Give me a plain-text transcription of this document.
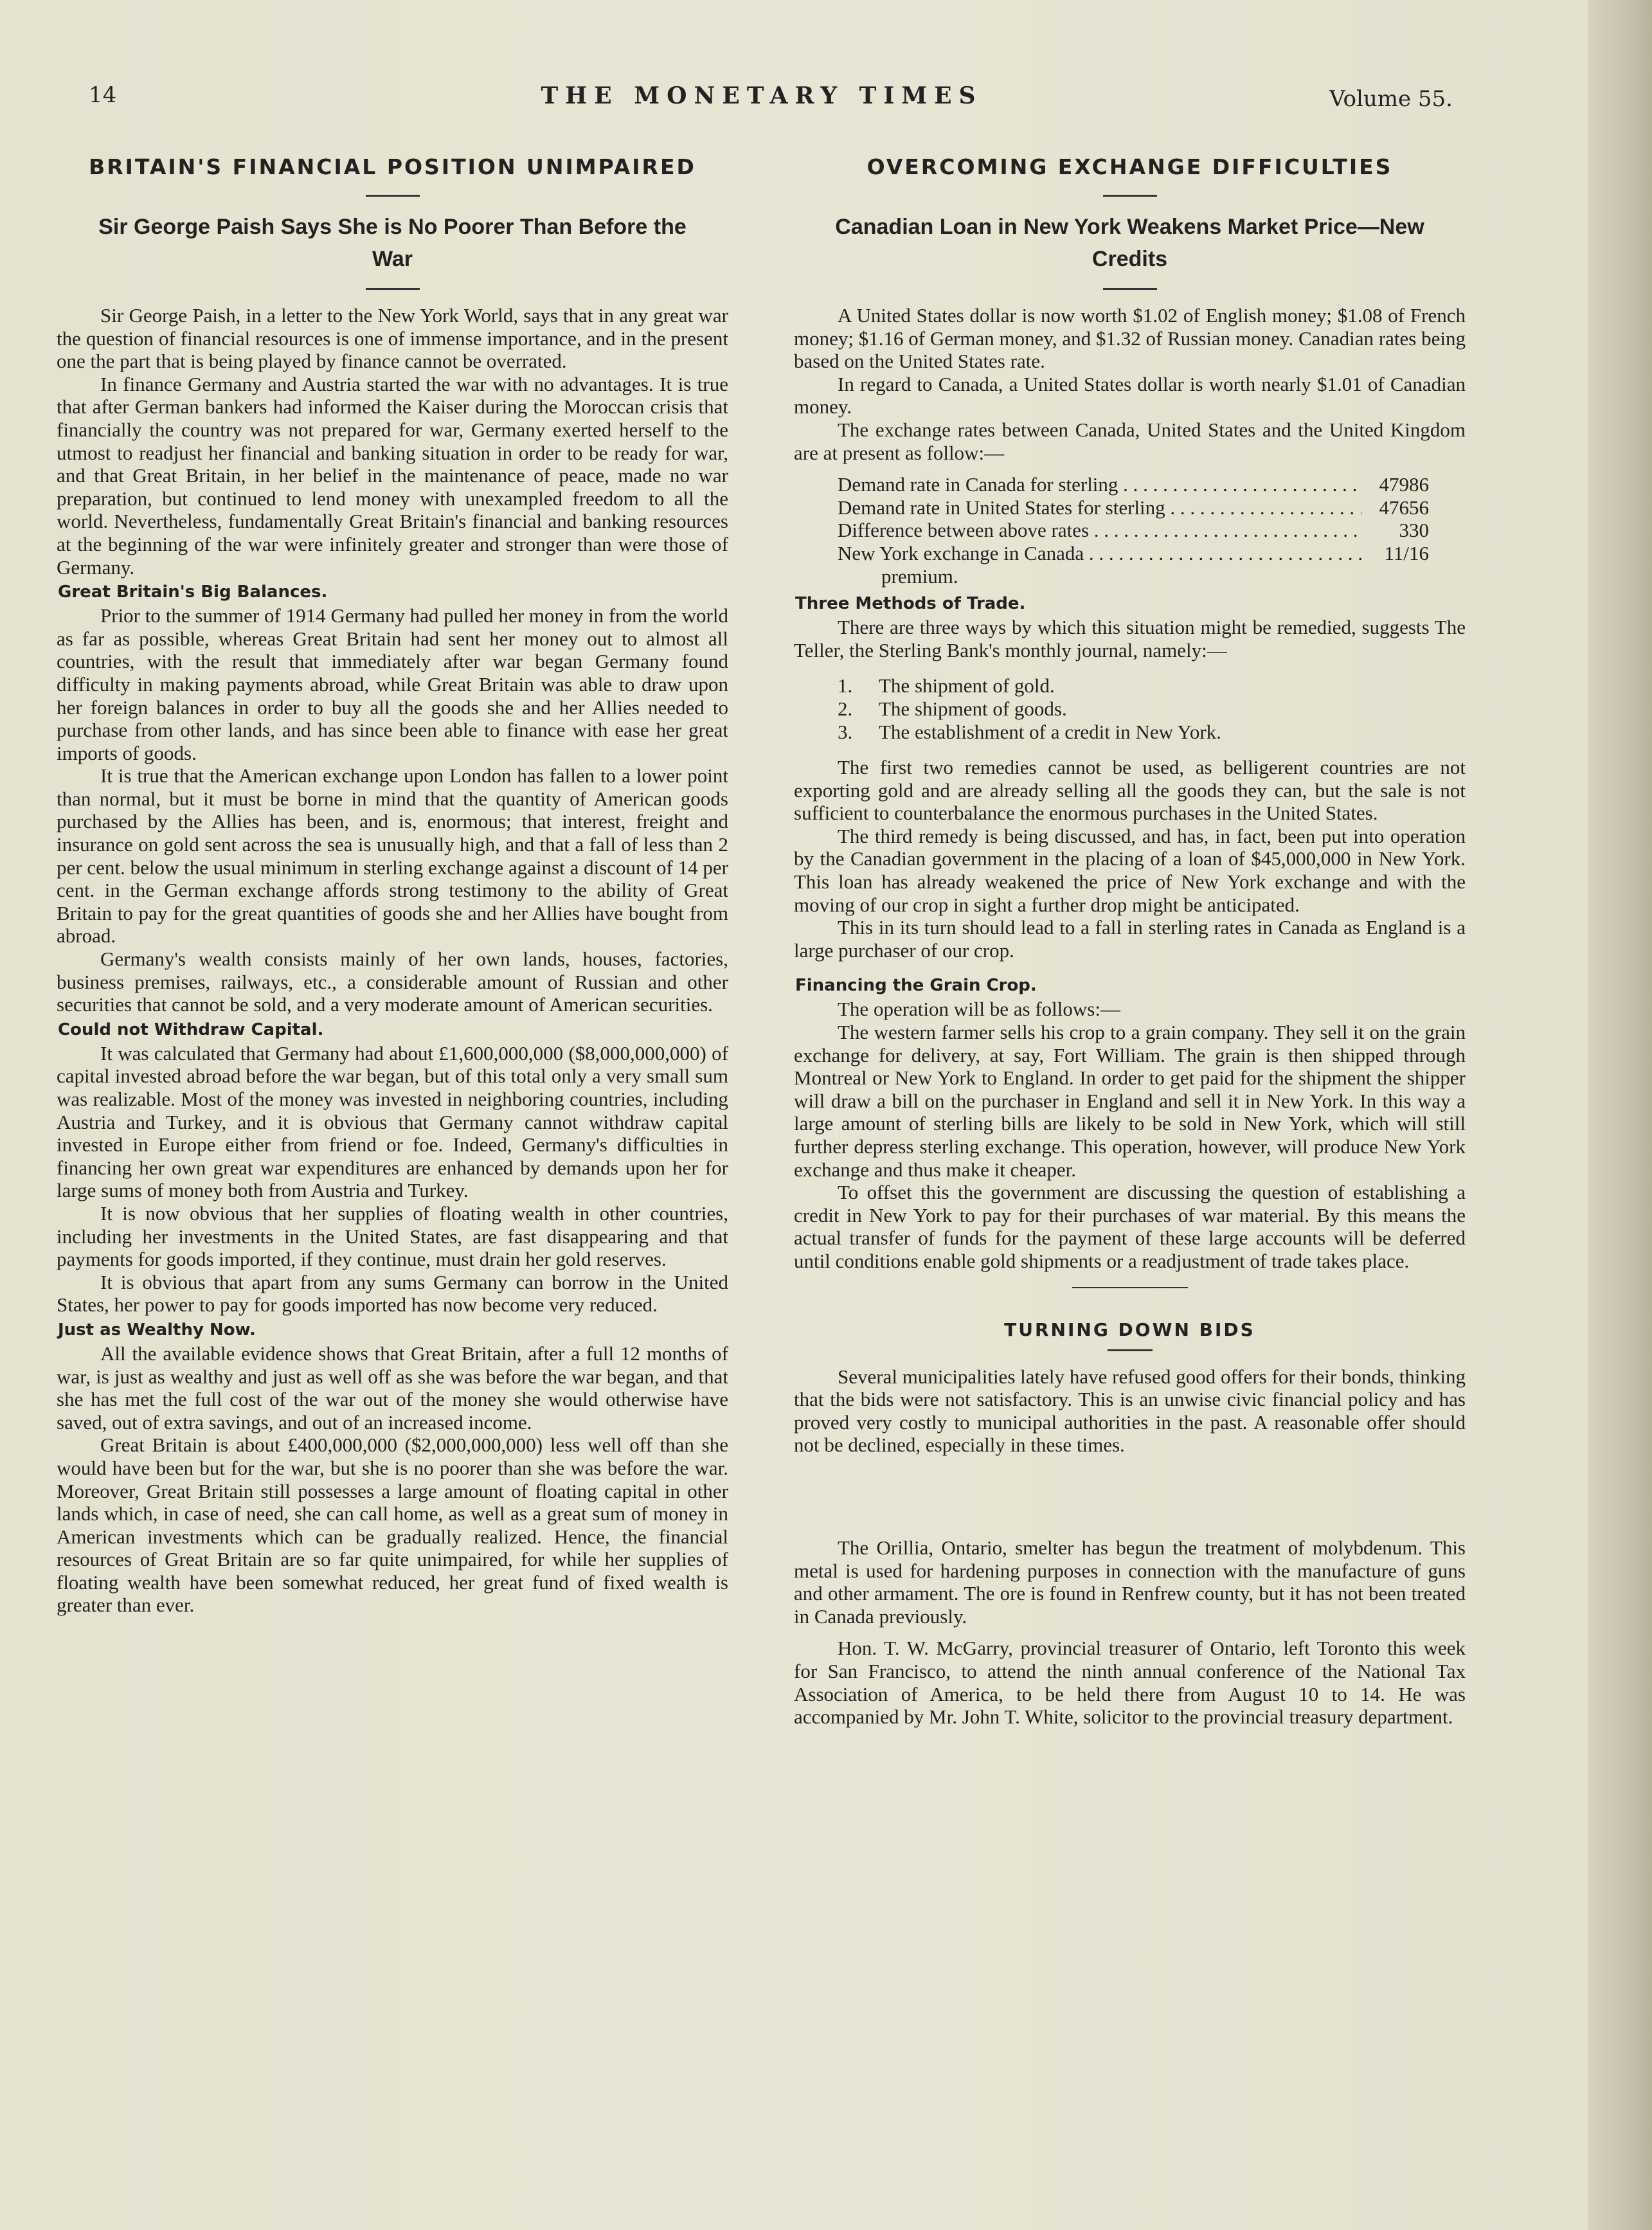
14	THE MONETARY TIMES	Volume 55.
BRITAIN'S FINANCIAL POSITION UNIMPAIRED
Sir George Paish Says She is No Poorer Than Before the War

Sir George Paish, in a letter to the New York World, says that in any great war the question of financial resources is one of immense importance, and in the present one the part that is being played by finance cannot be overrated.

In finance Germany and Austria started the war with no advantages. It is true that after German bankers had informed the Kaiser during the Moroccan crisis that financially the country was not prepared for war, Germany exerted herself to the utmost to readjust her financial and banking situation in order to be ready for war, and that Great Britain, in her belief in the maintenance of peace, made no war preparation, but continued to lend money with unexampled freedom to all the world. Nevertheless, fundamentally Great Britain's financial and banking resources at the beginning of the war were infinitely greater and stronger than were those of Germany.

Great Britain's Big Balances.

Prior to the summer of 1914 Germany had pulled her money in from the world as far as possible, whereas Great Britain had sent her money out to almost all countries, with the result that immediately after war began Germany found difficulty in making payments abroad, while Great Britain was able to draw upon her foreign balances in order to buy all the goods she and her Allies needed to purchase from other lands, and has since been able to finance with ease her great imports of goods.

It is true that the American exchange upon London has fallen to a lower point than normal, but it must be borne in mind that the quantity of American goods purchased by the Allies has been, and is, enormous; that interest, freight and insurance on gold sent across the sea is unusually high, and that a fall of less than 2 per cent. below the usual minimum in sterling exchange against a discount of 14 per cent. in the German exchange affords strong testimony to the ability of Great Britain to pay for the great quantities of goods she and her Allies have bought from abroad.

Germany's wealth consists mainly of her own lands, houses, factories, business premises, railways, etc., a considerable amount of Russian and other securities that cannot be sold, and a very moderate amount of American securities.

Could not Withdraw Capital.

It was calculated that Germany had about £1,600,000,000 ($8,000,000,000) of capital invested abroad before the war began, but of this total only a very small sum was realizable. Most of the money was invested in neighboring countries, including Austria and Turkey, and it is obvious that Germany cannot withdraw capital invested in Europe either from friend or foe. Indeed, Germany's difficulties in financing her own great war expenditures are enhanced by demands upon her for large sums of money both from Austria and Turkey.

It is now obvious that her supplies of floating wealth in other countries, including her investments in the United States, are fast disappearing and that payments for goods imported, if they continue, must drain her gold reserves.

It is obvious that apart from any sums Germany can borrow in the United States, her power to pay for goods imported has now become very reduced.

Just as Wealthy Now.

All the available evidence shows that Great Britain, after a full 12 months of war, is just as wealthy and just as well off as she was before the war began, and that she has met the full cost of the war out of the money she would otherwise have saved, out of extra savings, and out of an increased income.

Great Britain is about £400,000,000 ($2,000,000,000) less well off than she would have been but for the war, but she is no poorer than she was before the war. Moreover, Great Britain still possesses a large amount of floating capital in other lands which, in case of need, she can call home, as well as a great sum of money in American investments which can be gradually realized. Hence, the financial resources of Great Britain are so far quite unimpaired, for while her supplies of floating wealth have been somewhat reduced, her great fund of fixed wealth is greater than ever.

OVERCOMING EXCHANGE DIFFICULTIES
Canadian Loan in New York Weakens Market Price—New Credits

A United States dollar is now worth $1.02 of English money; $1.08 of French money; $1.16 of German money, and $1.32 of Russian money. Canadian rates being based on the United States rate.

In regard to Canada, a United States dollar is worth nearly $1.01 of Canadian money.

The exchange rates between Canada, United States and the United Kingdom are at present as follow:—

Demand rate in Canada for sterling . . .	47986
Demand rate in United States for sterling . . .	47656
Difference between above rates . . .	330
New York exchange in Canada . . .	11/16
premium.
Three Methods of Trade.

There are three ways by which this situation might be remedied, suggests The Teller, the Sterling Bank's monthly journal, namely:—

1. The shipment of gold.
2. The shipment of goods.
3. The establishment of a credit in New York.

The first two remedies cannot be used, as belligerent countries are not exporting gold and are already selling all the goods they can, but the sale is not sufficient to counterbalance the enormous purchases in the United States.

The third remedy is being discussed, and has, in fact, been put into operation by the Canadian government in the placing of a loan of $45,000,000 in New York. This loan has already weakened the price of New York exchange and with the moving of our crop in sight a further drop might be anticipated.

This in its turn should lead to a fall in sterling rates in Canada as England is a large purchaser of our crop.

Financing the Grain Crop.

The operation will be as follows:—

The western farmer sells his crop to a grain company. They sell it on the grain exchange for delivery, at say, Fort William. The grain is then shipped through Montreal or New York to England. In order to get paid for the shipment the shipper will draw a bill on the purchaser in England and sell it in New York. In this way a large amount of sterling bills are likely to be sold in New York, which will still further depress sterling exchange. This operation, however, will produce New York exchange and thus make it cheaper.

To offset this the government are discussing the question of establishing a credit in New York to pay for their purchases of war material. By this means the actual transfer of funds for the payment of these large accounts will be deferred until conditions enable gold shipments or a readjustment of trade takes place.

TURNING DOWN BIDS

Several municipalities lately have refused good offers for their bonds, thinking that the bids were not satisfactory. This is an unwise civic financial policy and has proved very costly to municipal authorities in the past. A reasonable offer should not be declined, especially in these times.

The Orillia, Ontario, smelter has begun the treatment of molybdenum. This metal is used for hardening purposes in connection with the manufacture of guns and other armament. The ore is found in Renfrew county, but it has not been treated in Canada previously.

Hon. T. W. McGarry, provincial treasurer of Ontario, left Toronto this week for San Francisco, to attend the ninth annual conference of the National Tax Association of America, to be held there from August 10 to 14. He was accompanied by Mr. John T. White, solicitor to the provincial treasury department.
